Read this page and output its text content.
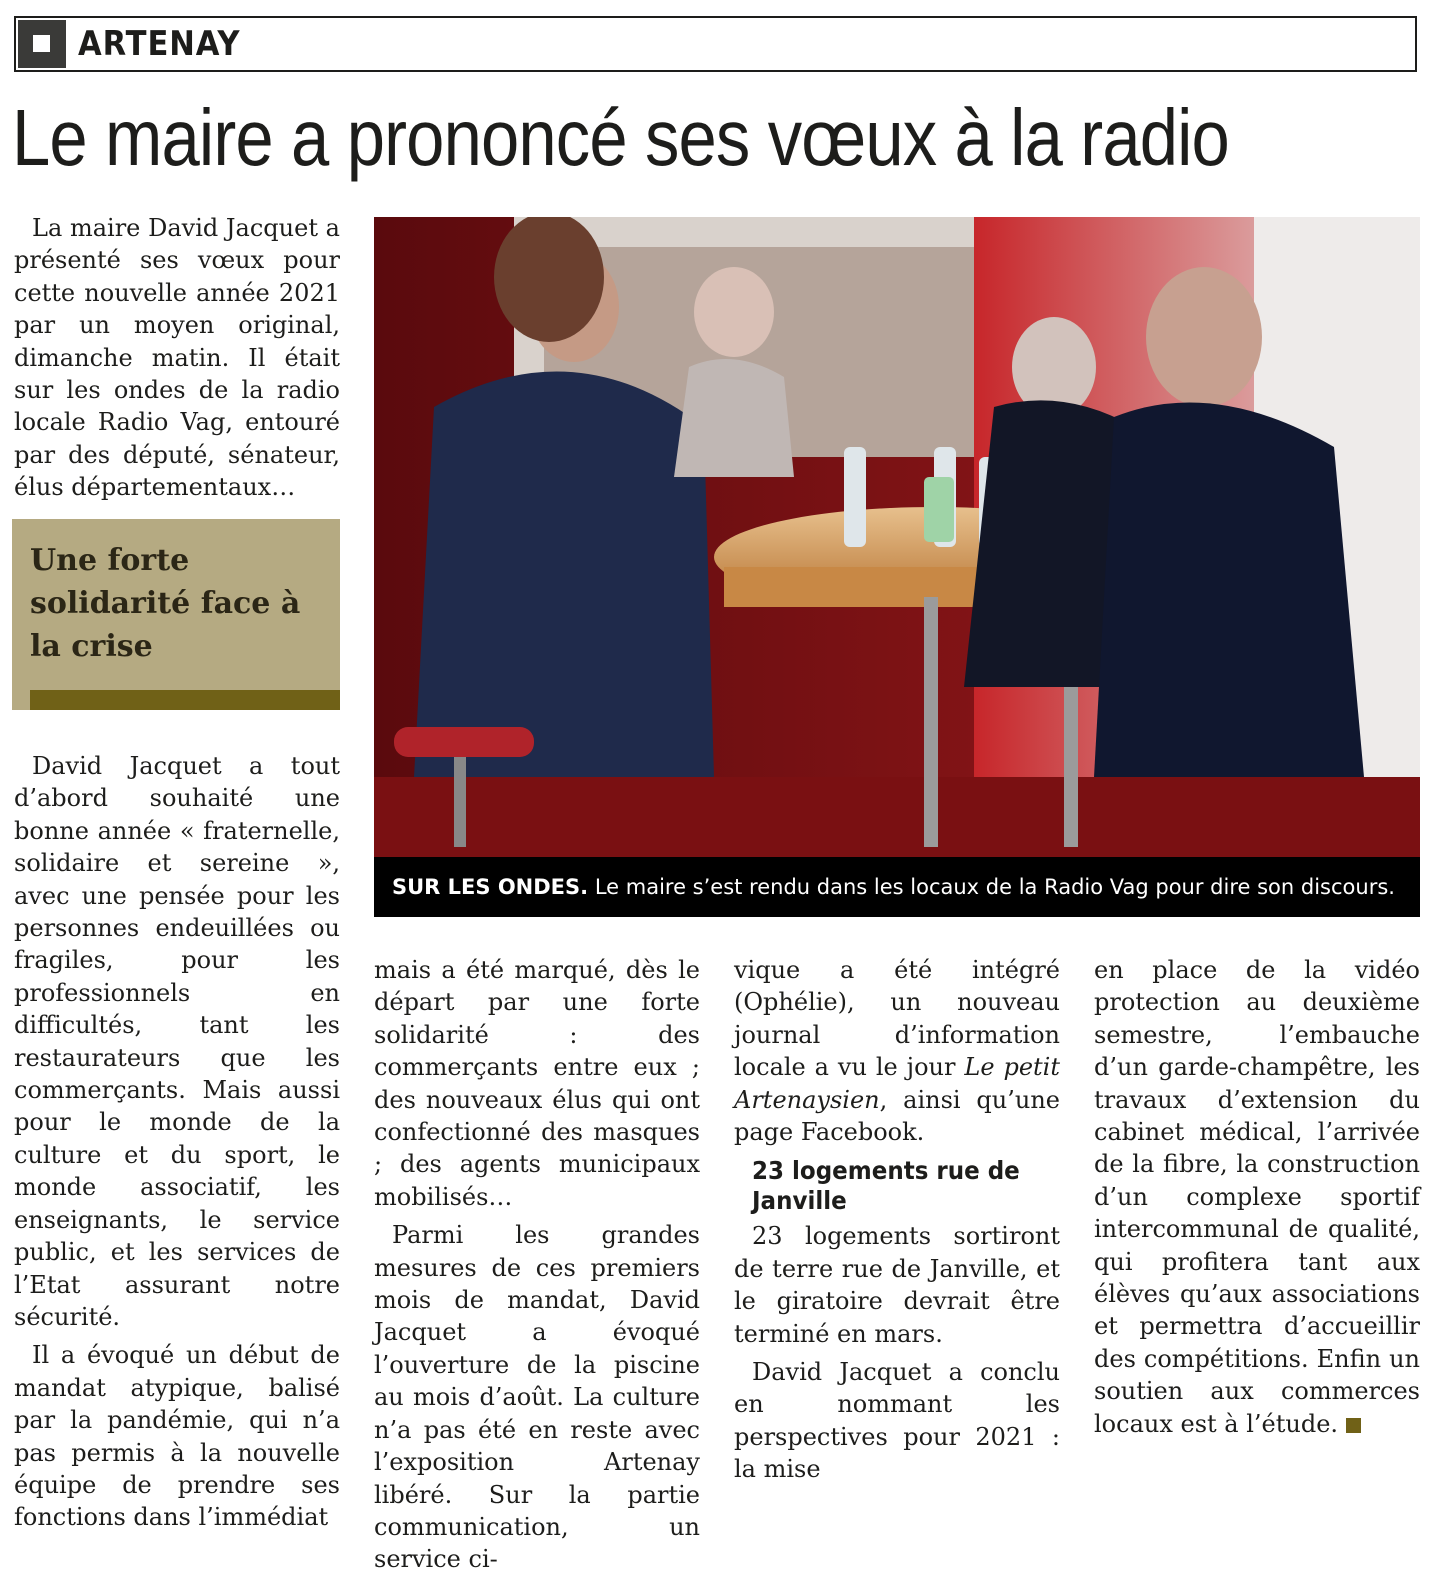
ARTENAY
Le maire a prononcé ses vœux à la radio

La maire David Jacquet a présenté ses vœux pour cette nouvelle année 2021 par un moyen original, dimanche matin. Il était sur les ondes de la radio locale Radio Vag, entouré par des député, sénateur, élus départementaux…

Une forte solidarité face à la crise
SUR LES ONDES. Le maire s’est rendu dans les locaux de la Radio Vag pour dire son discours.

David Jacquet a tout d’abord souhaité une bonne année « fraternelle, solidaire et sereine », avec une pensée pour les personnes endeuillées ou fragiles, pour les professionnels en difficultés, tant les restaurateurs que les commerçants. Mais aussi pour le monde de la culture et du sport, le monde associatif, les enseignants, le service public, et les services de l’Etat assurant notre sécurité.

Il a évoqué un début de mandat atypique, balisé par la pandémie, qui n’a pas permis à la nouvelle équipe de prendre ses fonctions dans l’immédiat

mais a été marqué, dès le départ par une forte solidarité : des commerçants entre eux ; des nouveaux élus qui ont confectionné des masques ; des agents municipaux mobilisés…

Parmi les grandes mesures de ces premiers mois de mandat, David Jacquet a évoqué l’ouverture de la piscine au mois d’août. La culture n’a pas été en reste avec l’exposition Artenay libéré. Sur la partie communication, un service ci-

vique a été intégré (Ophélie), un nouveau journal d’information locale a vu le jour Le petit Artenaysien, ainsi qu’une page Facebook.

23 logements rue de Janville

23 logements sortiront de terre rue de Janville, et le giratoire devrait être terminé en mars.

David Jacquet a conclu en nommant les perspectives pour 2021 : la mise

en place de la vidéo protection au deuxième semestre, l’embauche d’un garde-champêtre, les travaux d’extension du cabinet médical, l’arrivée de la fibre, la construction d’un complexe sportif intercommunal de qualité, qui profitera tant aux élèves qu’aux associations et permettra d’accueillir des compétitions. Enfin un soutien aux commerces locaux est à l’étude.
